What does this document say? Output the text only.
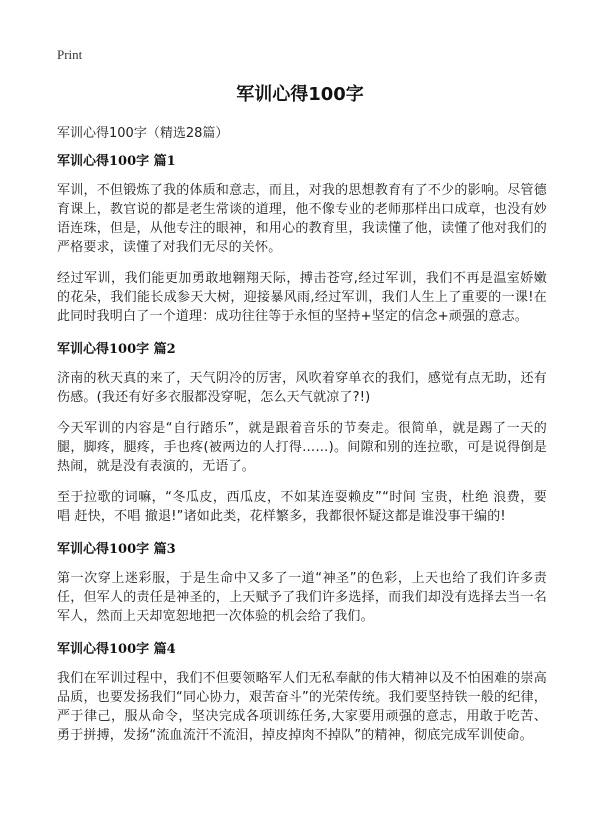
Print
军训心得100字
军训心得100字（精选28篇）
军训心得100字 篇1

军训，不但锻炼了我的体质和意志，而且，对我的思想教育有了不少的影响。尽管德育课上，教官说的都是老生常谈的道理，他不像专业的老师那样出口成章，也没有妙语连珠，但是，从他专注的眼神，和用心的教育里，我读懂了他，读懂了他对我们的严格要求，读懂了对我们无尽的关怀。

经过军训，我们能更加勇敢地翱翔天际，搏击苍穹,经过军训，我们不再是温室娇嫩的花朵，我们能长成参天大树，迎接暴风雨,经过军训，我们人生上了重要的一课!在此同时我明白了一个道理：成功往往等于永恒的坚持+坚定的信念+顽强的意志。

军训心得100字 篇2

济南的秋天真的来了，天气阴冷的厉害，风吹着穿单衣的我们，感觉有点无助，还有伤感。(我还有好多衣服都没穿呢，怎么天气就凉了?!)

今天军训的内容是“自行踏乐”，就是跟着音乐的节奏走。很简单，就是踢了一天的腿，脚疼，腿疼，手也疼(被两边的人打得……)。间隙和别的连拉歌，可是说得倒是热闹，就是没有表演的，无语了。

至于拉歌的词嘛，“冬瓜皮，西瓜皮，不如某连耍赖皮”“时间 宝贵，杜绝 浪费，要 唱 赶快，不唱 撤退!”诸如此类，花样繁多，我都很怀疑这都是谁没事干编的!

军训心得100字 篇3

第一次穿上迷彩服，于是生命中又多了一道“神圣”的色彩，上天也给了我们许多责任，但军人的责任是神圣的，上天赋予了我们许多选择，而我们却没有选择去当一名军人，然而上天却宽恕地把一次体验的机会给了我们。

军训心得100字 篇4

我们在军训过程中，我们不但要领略军人们无私奉献的伟大精神以及不怕困难的崇高品质，也要发扬我们“同心协力，艰苦奋斗”的光荣传统。我们要坚持铁一般的纪律，严于律己，服从命令，坚决完成各项训练任务,大家要用顽强的意志，用敢于吃苦、勇于拼搏，发扬“流血流汗不流泪，掉皮掉肉不掉队”的精神，彻底完成军训使命。
